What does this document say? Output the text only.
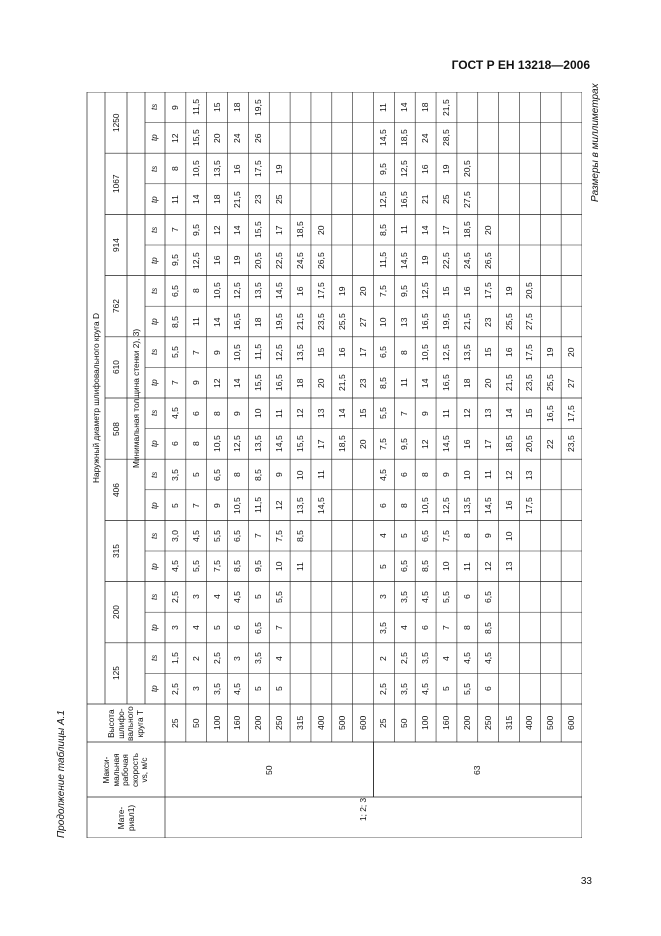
ГОСТ Р ЕН 13218—2006
Продолжение таблицы А.1
Размеры в миллиметрах
Наружный диаметр шлифовального круга D	Минимальная толщина стенки 2), 3)
125
tp
ts
200
tp
ts
315
tp
ts
406
tp
ts
508
tp
ts
610
tp
ts
762
tp
ts
914
tp
ts
1067
tp
ts
1250
tp
ts
Высота
шлифо-
вального
круга T
Макси-
мальная
рабочая
скорость
vs, м/с
Мате-
риал1)
50
25
2,5
1,5
3
2,5
4,5
3,0
5
3,5
6
4,5
7
5,5
8,5
6,5
9,5
7
11
8
12
9
50
3
2
4
3
5,5
4,5
7
5
8
6
9
7
11
8
12,5
9,5
14
10,5
15,5
11,5
100
3,5
2,5
5
4
7,5
5,5
9
6,5
10,5
8
12
9
14
10,5
16
12
18
13,5
20
15
160
4,5
3
6
4,5
8,5
6,5
10,5
8
12,5
9
14
10,5
16,5
12,5
19
14
21,5
16
24
18
200
5
3,5
6,5
5
9,5
7
11,5
8,5
13,5
10
15,5
11,5
18
13,5
20,5
15,5
23
17,5
26
19,5
250
5
4
7
5,5
10
7,5
12
9
14,5
11
16,5
12,5
19,5
14,5
22,5
17
25
19
315
11
8,5
13,5
10
15,5
12
18
13,5
21,5
16
24,5
18,5
400
14,5
11
17
13
20
15
23,5
17,5
26,5
20
500
18,5
14
21,5
16
25,5
19
600
20
15
23
17
27
20
63
25
2,5
2
3,5
3
5
4
6
4,5
7,5
5,5
8,5
6,5
10
7,5
11,5
8,5
12,5
9,5
14,5
11
50
3,5
2,5
4
3,5
6,5
5
8
6
9,5
7
11
8
13
9,5
14,5
11
16,5
12,5
18,5
14
100
4,5
3,5
6
4,5
8,5
6,5
10,5
8
12
9
14
10,5
16,5
12,5
19
14
21
16
24
18
160
5
4
7
5,5
10
7,5
12,5
9
14,5
11
16,5
12,5
19,5
15
22,5
17
25
19
28,5
21,5
200
5,5
4,5
8
6
11
8
13,5
10
16
12
18
13,5
21,5
16
24,5
18,5
27,5
20,5
250
6
4,5
8,5
6,5
12
9
14,5
11
17
13
20
15
23
17,5
26,5
20
315
13
10
16
12
18,5
14
21,5
16
25,5
19
400
17,5
13
20,5
15
23,5
17,5
27,5
20,5
500
22
16,5
25,5
19
600
23,5
17,5
27
20
1; 2; 3
33
